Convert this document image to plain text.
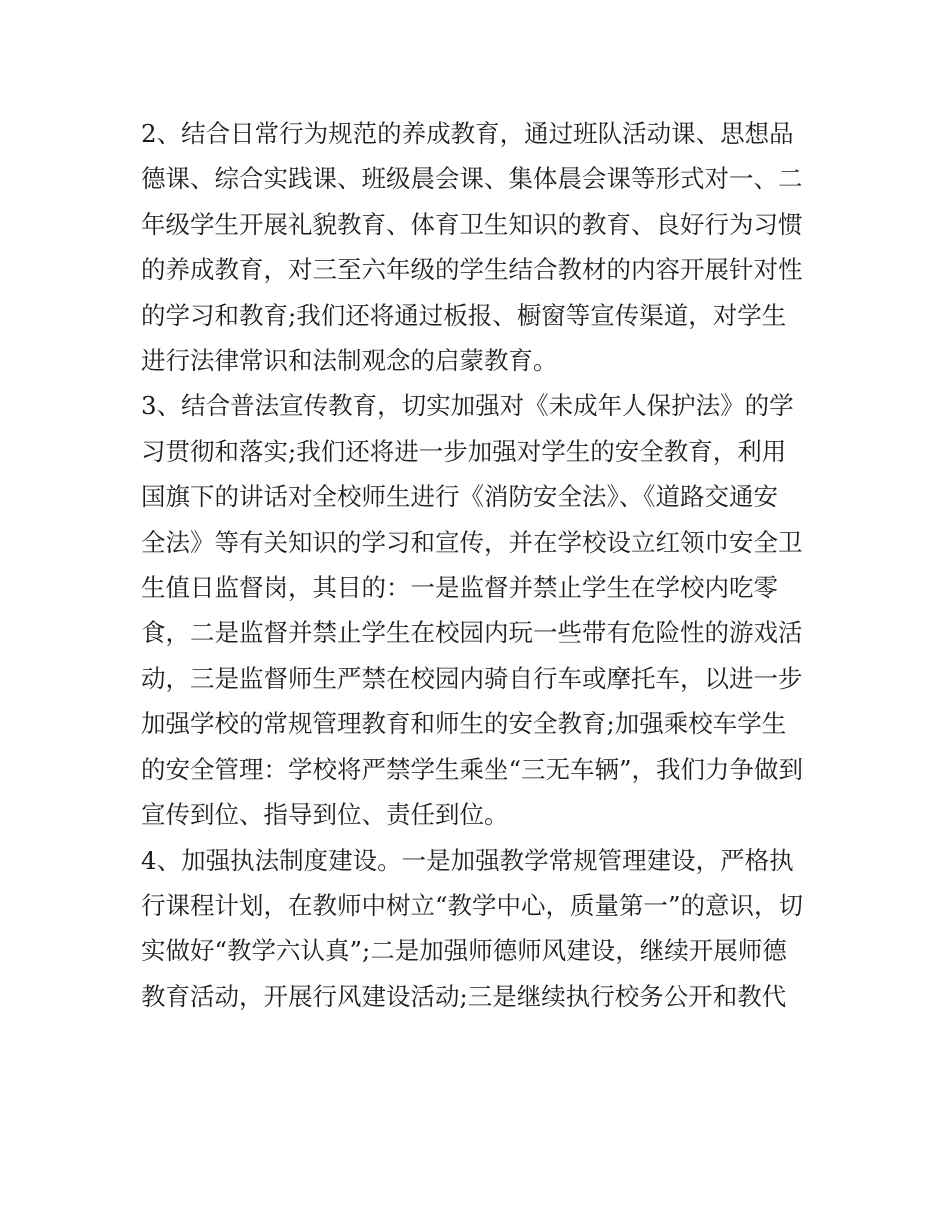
2、结合日常行为规范的养成教育，通过班队活动课、思想品
德课、综合实践课、班级晨会课、集体晨会课等形式对一、二
年级学生开展礼貌教育、体育卫生知识的教育、良好行为习惯
的养成教育，对三至六年级的学生结合教材的内容开展针对性
的学习和教育;我们还将通过板报、橱窗等宣传渠道，对学生
进行法律常识和法制观念的启蒙教育。
3、结合普法宣传教育，切实加强对《未成年人保护法》的学
习贯彻和落实;我们还将进一步加强对学生的安全教育，利用
国旗下的讲话对全校师生进行《消防安全法》、《道路交通安
全法》等有关知识的学习和宣传，并在学校设立红领巾安全卫
生值日监督岗，其目的：一是监督并禁止学生在学校内吃零
食，二是监督并禁止学生在校园内玩一些带有危险性的游戏活
动，三是监督师生严禁在校园内骑自行车或摩托车，以进一步
加强学校的常规管理教育和师生的安全教育;加强乘校车学生
的安全管理：学校将严禁学生乘坐“三无车辆”，我们力争做到
宣传到位、指导到位、责任到位。
4、加强执法制度建设。一是加强教学常规管理建设，严格执
行课程计划，在教师中树立“教学中心，质量第一”的意识，切
实做好“教学六认真”;二是加强师德师风建设，继续开展师德
教育活动，开展行风建设活动;三是继续执行校务公开和教代
